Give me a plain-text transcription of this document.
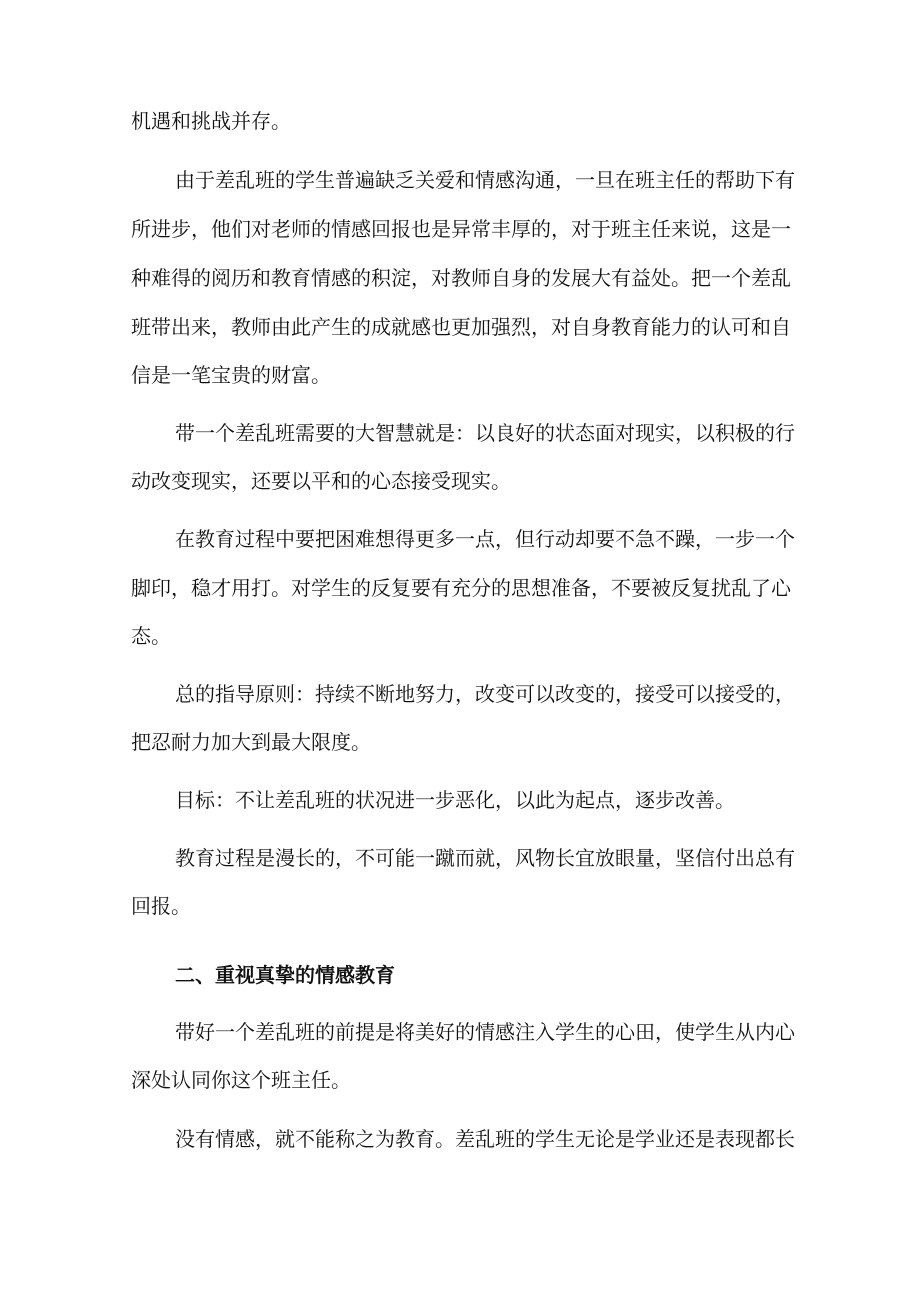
机遇和挑战并存。

由于差乱班的学生普遍缺乏关爱和情感沟通，一旦在班主任的帮助下有

所进步，他们对老师的情感回报也是异常丰厚的，对于班主任来说，这是一

种难得的阅历和教育情感的积淀，对教师自身的发展大有益处。把一个差乱

班带出来，教师由此产生的成就感也更加强烈，对自身教育能力的认可和自

信是一笔宝贵的财富。

带一个差乱班需要的大智慧就是：以良好的状态面对现实，以积极的行

动改变现实，还要以平和的心态接受现实。

在教育过程中要把困难想得更多一点，但行动却要不急不躁，一步一个

脚印，稳才用打。对学生的反复要有充分的思想准备，不要被反复扰乱了心

态。

总的指导原则：持续不断地努力，改变可以改变的，接受可以接受的，

把忍耐力加大到最大限度。

目标：不让差乱班的状况进一步恶化，以此为起点，逐步改善。

教育过程是漫长的，不可能一蹴而就，风物长宜放眼量，坚信付出总有

回报。

二、重视真挚的情感教育

带好一个差乱班的前提是将美好的情感注入学生的心田，使学生从内心

深处认同你这个班主任。

没有情感，就不能称之为教育。差乱班的学生无论是学业还是表现都长
